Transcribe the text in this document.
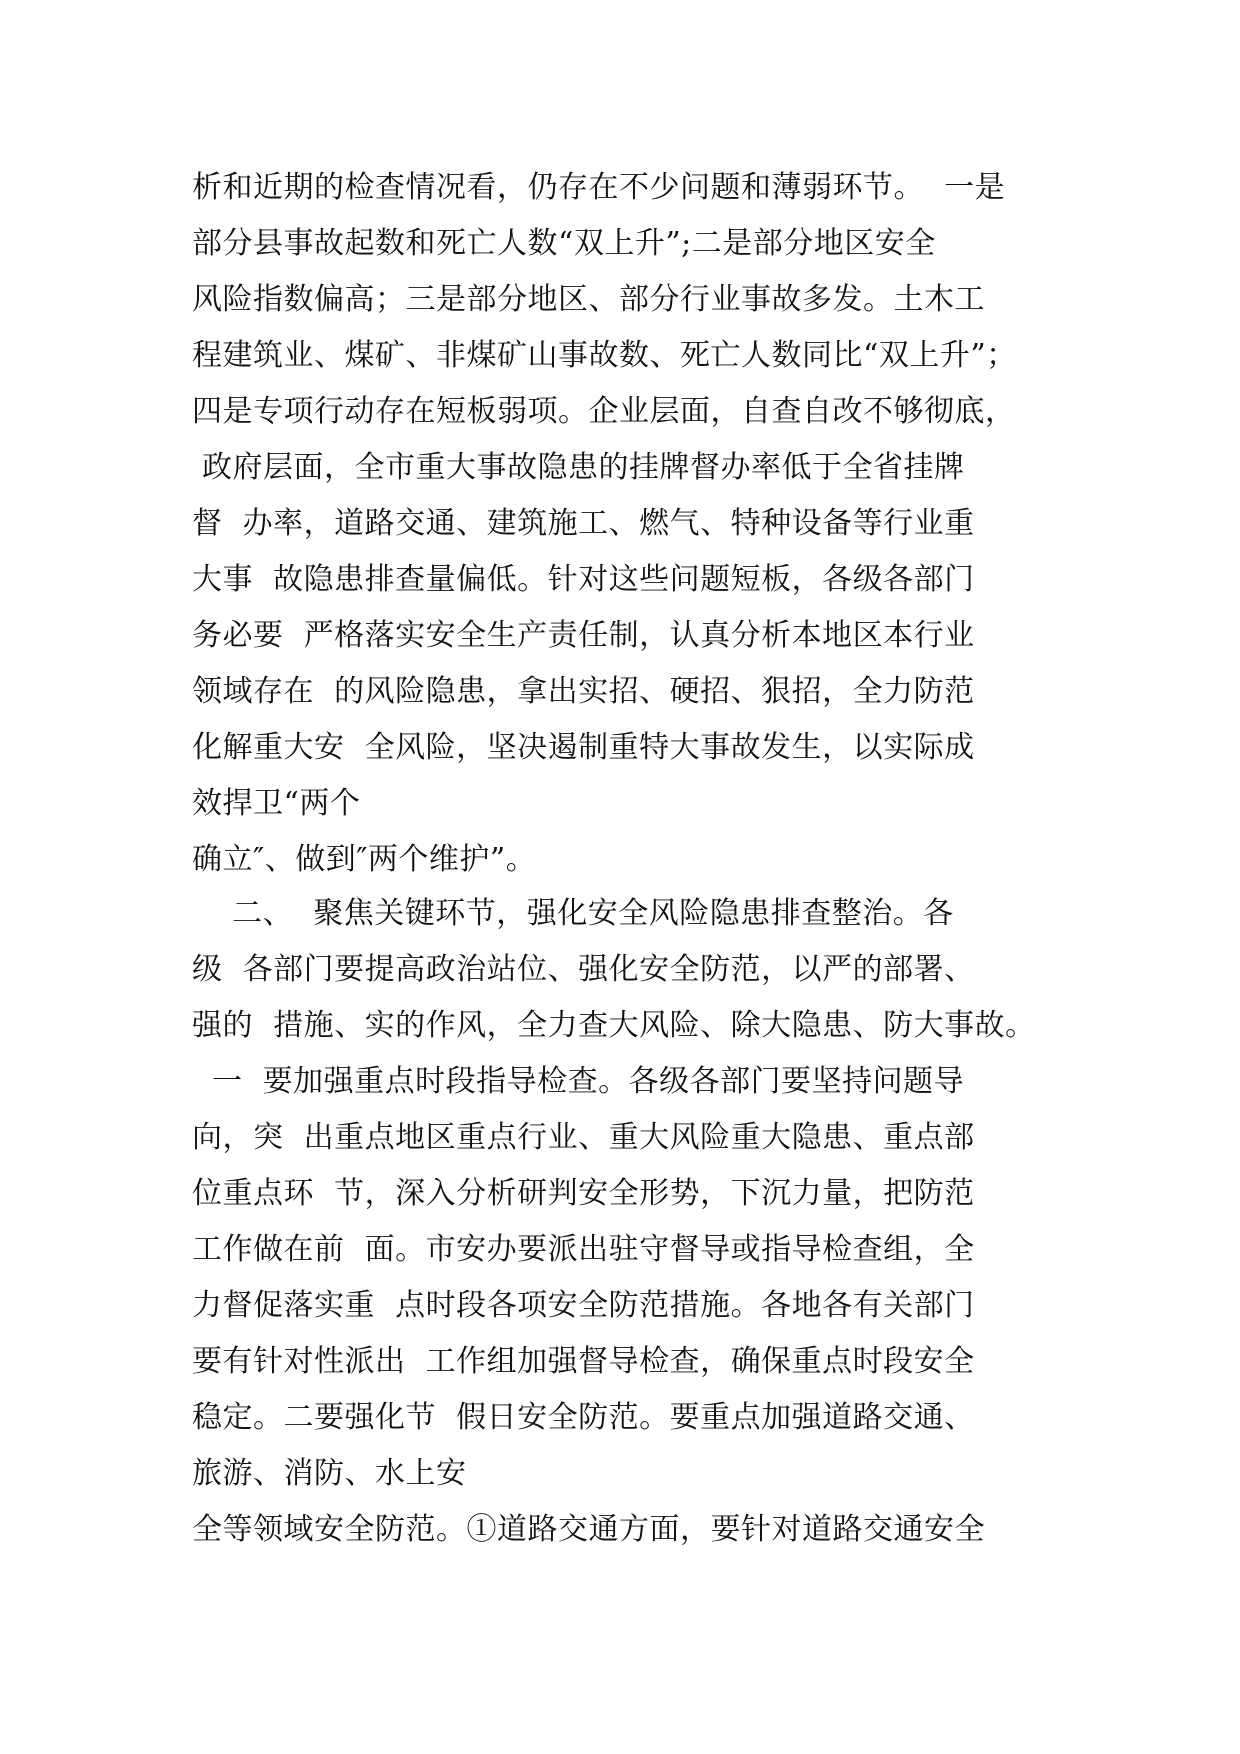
析和近期的检查情况看，仍存在不少问题和薄弱环节。  一是
部分县事故起数和死亡人数“双上升”;二是部分地区安全
风险指数偏高；三是部分地区、部分行业事故多发。土木工
程建筑业、煤矿、非煤矿山事故数、死亡人数同比“双上升”；
四是专项行动存在短板弱项。企业层面，自查自改不够彻底，
政府层面，全市重大事故隐患的挂牌督办率低于全省挂牌
督  办率，道路交通、建筑施工、燃气、特种设备等行业重
大事  故隐患排查量偏低。针对这些问题短板，各级各部门
务必要  严格落实安全生产责任制，认真分析本地区本行业
领域存在  的风险隐患，拿出实招、硬招、狠招，全力防范
化解重大安  全风险，坚决遏制重特大事故发生，以实际成
效捍卫“两个
确立″、做到″两个维护”。
二、  聚焦关键环节，强化安全风险隐患排查整治。各
级  各部门要提高政治站位、强化安全防范，以严的部署、
强的  措施、实的作风，全力查大风险、除大隐患、防大事故。
一  要加强重点时段指导检查。各级各部门要坚持问题导
向，突  出重点地区重点行业、重大风险重大隐患、重点部
位重点环  节，深入分析研判安全形势，下沉力量，把防范
工作做在前  面。市安办要派出驻守督导或指导检查组，全
力督促落实重  点时段各项安全防范措施。各地各有关部门
要有针对性派出  工作组加强督导检查，确保重点时段安全
稳定。二要强化节  假日安全防范。要重点加强道路交通、
旅游、消防、水上安
全等领域安全防范。①道路交通方面，要针对道路交通安全
